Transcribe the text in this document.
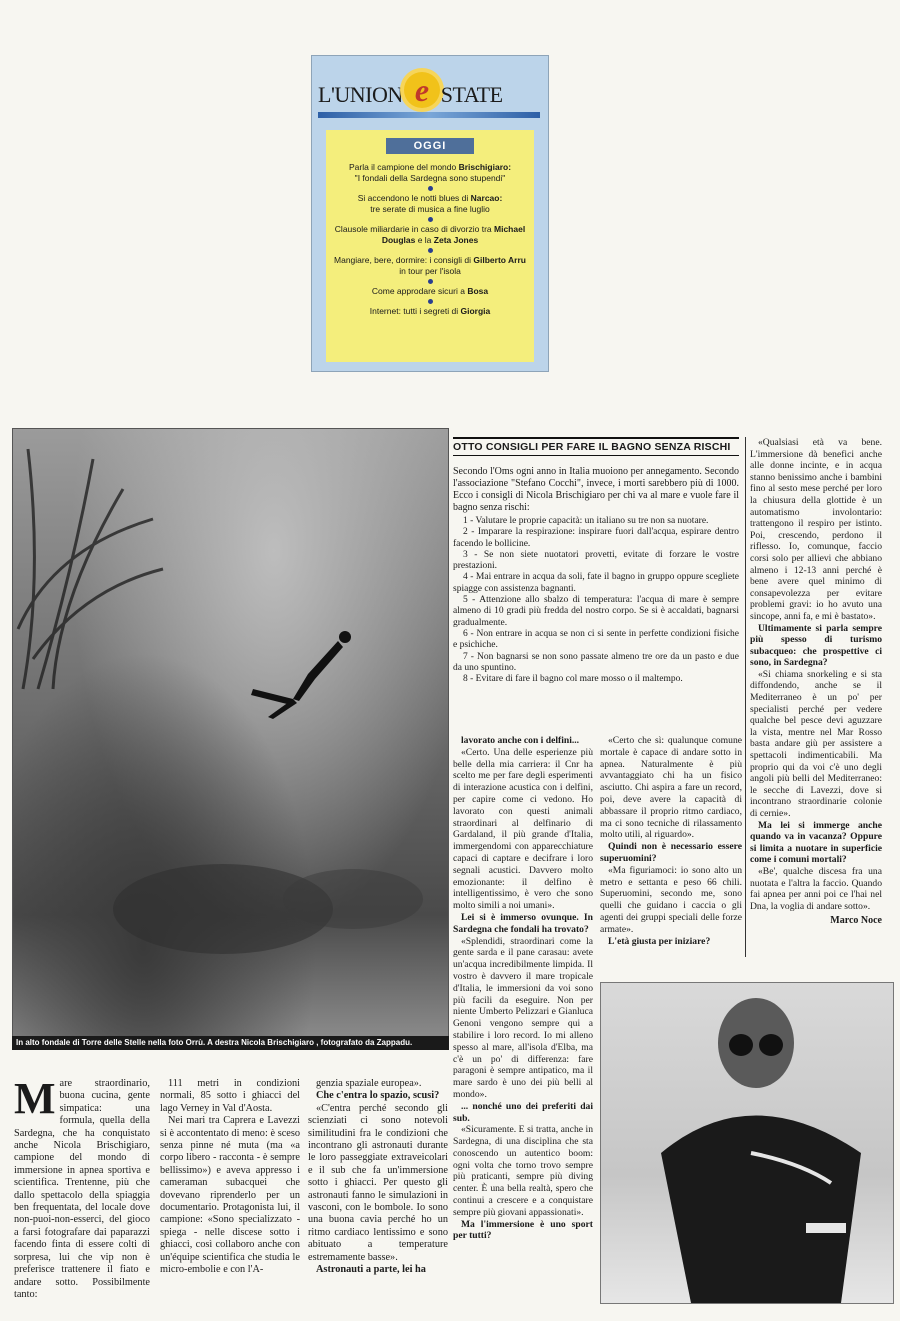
L'UNION e STATE
OGGI
Parla il campione del mondo Brischigiaro:
"I fondali della Sardegna sono stupendi"
Si accendono le notti blues di Narcao:
tre serate di musica a fine luglio
Clausole miliardarie in caso di divorzio tra Michael Douglas e la Zeta Jones
Mangiare, bere, dormire: i consigli di Gilberto Arru in tour per l'isola
Come approdare sicuri a Bosa
Internet: tutti i segreti di Giorgia
In alto fondale di Torre delle Stelle nella foto Orrù. A destra Nicola Brischigiaro , fotografato da Zappadu.
OTTO CONSIGLI PER FARE IL BAGNO SENZA RISCHI
Secondo l'Oms ogni anno in Italia muoiono per annegamento. Secondo l'associazione "Stefano Cocchi", invece, i morti sarebbero più di 1000. Ecco i consigli di Nicola Brischigiaro per chi va al mare e vuole fare il bagno senza rischi:
1 - Valutare le proprie capacità: un italiano su tre non sa nuotare.
2 - Imparare la respirazione: inspirare fuori dall'acqua, espirare dentro facendo le bollicine.
3 - Se non siete nuotatori provetti, evitate di forzare le vostre prestazioni.
4 - Mai entrare in acqua da soli, fate il bagno in gruppo oppure scegliete spiagge con assistenza bagnanti.
5 - Attenzione allo sbalzo di temperatura: l'acqua di mare è sempre almeno di 10 gradi più fredda del nostro corpo. Se si è accaldati, bagnarsi gradualmente.
6 - Non entrare in acqua se non ci si sente in perfette condizioni fisiche e psichiche.
7 - Non bagnarsi se non sono passate almeno tre ore da un pasto e due da uno spuntino.
8 - Evitare di fare il bagno col mare mosso o il maltempo.
«Qualsiasi età va bene. L'immersione dà benefici anche alle donne incinte, e in acqua stanno benissimo anche i bambini fino al sesto mese perché per loro la chiusura della glottide è un automatismo involontario: trattengono il respiro per istinto. Poi, crescendo, perdono il riflesso. Io, comunque, faccio corsi solo per allievi che abbiano almeno i 12-13 anni perché è bene avere quel minimo di consapevolezza per evitare problemi gravi: io ho avuto una sincope, anni fa, e mi è bastato».
Ultimamente si parla sempre più spesso di turismo subacqueo: che prospettive ci sono, in Sardegna?
«Si chiama snorkeling e si sta diffondendo, anche se il Mediterraneo è un po' per specialisti perché per vedere qualche bel pesce devi aguzzare la vista, mentre nel Mar Rosso basta andare giù per assistere a spettacoli indimenticabili. Ma proprio qui da voi c'è uno degli angoli più belli del Mediterraneo: le secche di Lavezzi, dove si incontrano straordinarie colonie di cernie».
Ma lei si immerge anche quando va in vacanza? Oppure si limita a nuotare in superficie come i comuni mortali?
«Be', qualche discesa fra una nuotata e l'altra la faccio. Quando fai apnea per anni poi ce l'hai nel Dna, la voglia di andare sotto».
Marco Noce
lavorato anche con i delfini...
«Certo. Una delle esperienze più belle della mia carriera: il Cnr ha scelto me per fare degli esperimenti di interazione acustica con i delfini, per capire come ci vedono. Ho lavorato con questi animali straordinari al delfinario di Gardaland, il più grande d'Italia, immergendomi con apparecchiature capaci di captare e decifrare i loro segnali acustici. Davvero molto emozionante: il delfino è intelligentissimo, è vero che sono molto simili a noi umani».
Lei si è immerso ovunque. In Sardegna che fondali ha trovato?
«Splendidi, straordinari come la gente sarda e il pane carasau: avete un'acqua incredibilmente limpida. Il vostro è davvero il mare tropicale d'Italia, le immersioni da voi sono più facili da eseguire. Non per niente Umberto Pelizzari e Gianluca Genoni vengono sempre qui a stabilire i loro record. Io mi alleno spesso al mare, all'isola d'Elba, ma c'è un po' di differenza: fare paragoni è sempre antipatico, ma il mare sardo è uno dei più belli al mondo».
... nonché uno dei preferiti dai sub.
«Sicuramente. E si tratta, anche in Sardegna, di una disciplina che sta conoscendo un autentico boom: ogni volta che torno trovo sempre più praticanti, sempre più diving center. È una bella realtà, spero che continui a crescere e a conquistare sempre più giovani appassionati».
Ma l'immersione è uno sport per tutti?
«Certo che sì: qualunque comune mortale è capace di andare sotto in apnea. Naturalmente è più avvantaggiato chi ha un fisico asciutto. Chi aspira a fare un record, poi, deve avere la capacità di abbassare il proprio ritmo cardiaco, ma ci sono tecniche di rilassamento molto utili, al riguardo».
Quindi non è necessario essere superuomini?
«Ma figuriamoci: io sono alto un metro e settanta e peso 66 chili. Superuomini, secondo me, sono quelli che guidano i caccia o gli agenti dei gruppi speciali delle forze armate».
L'età giusta per iniziare?
Mare straordinario, buona cucina, gente simpatica: una formula, quella della Sardegna, che ha conquistato anche Nicola Brischigiaro, campione del mondo di immersione in apnea sportiva e scientifica. Trentenne, più che dallo spettacolo della spiaggia ben frequentata, del locale dove non-puoi-non-esserci, del gioco a farsi fotografare dai paparazzi facendo finta di essere colti di sorpresa, lui che vip non è preferisce trattenere il fiato e andare sotto. Possibilmente tanto:
111 metri in condizioni normali, 85 sotto i ghiacci del lago Verney in Val d'Aosta.
Nei mari tra Caprera e Lavezzi si è accontentato di meno: è sceso senza pinne né muta (ma «a corpo libero - racconta - è sempre bellissimo») e aveva appresso i cameraman subacquei che dovevano riprenderlo per un documentario. Protagonista lui, il campione: «Sono specializzato - spiega - nelle discese sotto i ghiacci, così collaboro anche con un'équipe scientifica che studia le micro-embolie e con l'A-
genzia spaziale europea».
Che c'entra lo spazio, scusi?
«C'entra perché secondo gli scienziati ci sono notevoli similitudini fra le condizioni che incontrano gli astronauti durante le loro passeggiate extraveicolari e il sub che fa un'immersione sotto i ghiacci. Per questo gli astronauti fanno le simulazioni in vasconi, con le bombole. Io sono una buona cavia perché ho un ritmo cardiaco lentissimo e sono abituato a temperature estremamente basse».
Astronauti a parte, lei ha
